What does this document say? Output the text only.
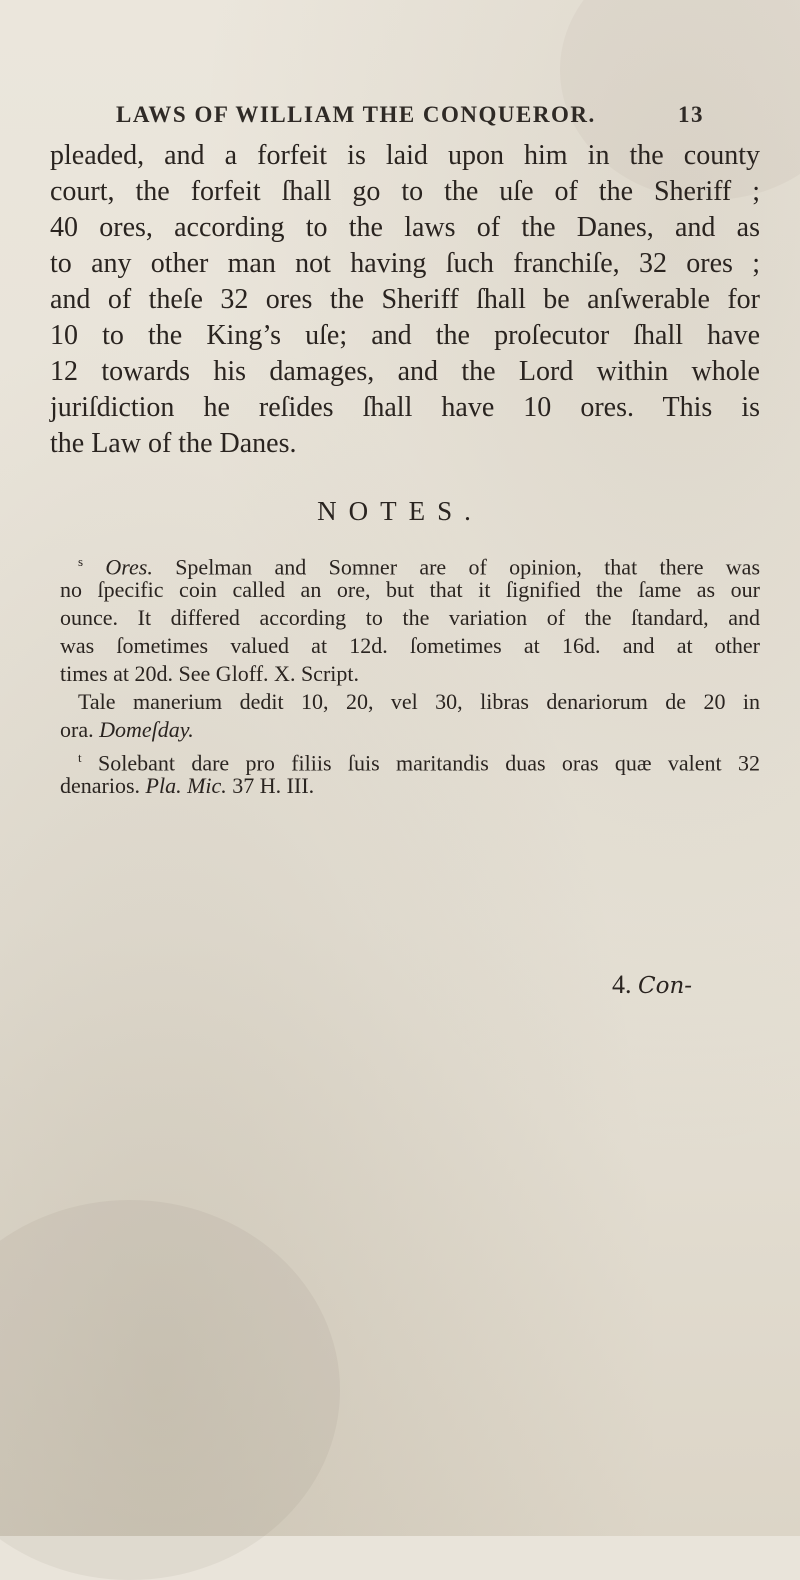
LAWS OF WILLIAM THE CONQUEROR.	13
pleaded, and a forfeit is laid upon him in the county
court, the forfeit ſhall go to the uſe of the Sheriff ;
40 ores, according to the laws of the Danes, and as
to any other man not having ſuch franchiſe, 32 ores ;
and of theſe 32 ores the Sheriff ſhall be anſwerable for
10 to the King’s uſe; and the proſecutor ſhall have
12 towards his damages, and the Lord within whole
juriſdiction he reſides ſhall have 10 ores. This is
the Law of the Danes.
NOTES.
$^s$ Ores. Spelman and Somner are of opinion, that there was
no ſpecific coin called an ore, but that it ſignified the ſame as our
ounce. It differed according to the variation of the ſtandard, and
was ſometimes valued at 12d. ſometimes at 16d. and at other
times at 20d. See Gloff. X. Script.
Tale manerium dedit 10, 20, vel 30, libras denariorum de 20 in
ora. Domeſday.
$^t$ Solebant dare pro filiis ſuis maritandis duas oras quæ valent 32
denarios. Pla. Mic. 37 H. III.
4. Con-
